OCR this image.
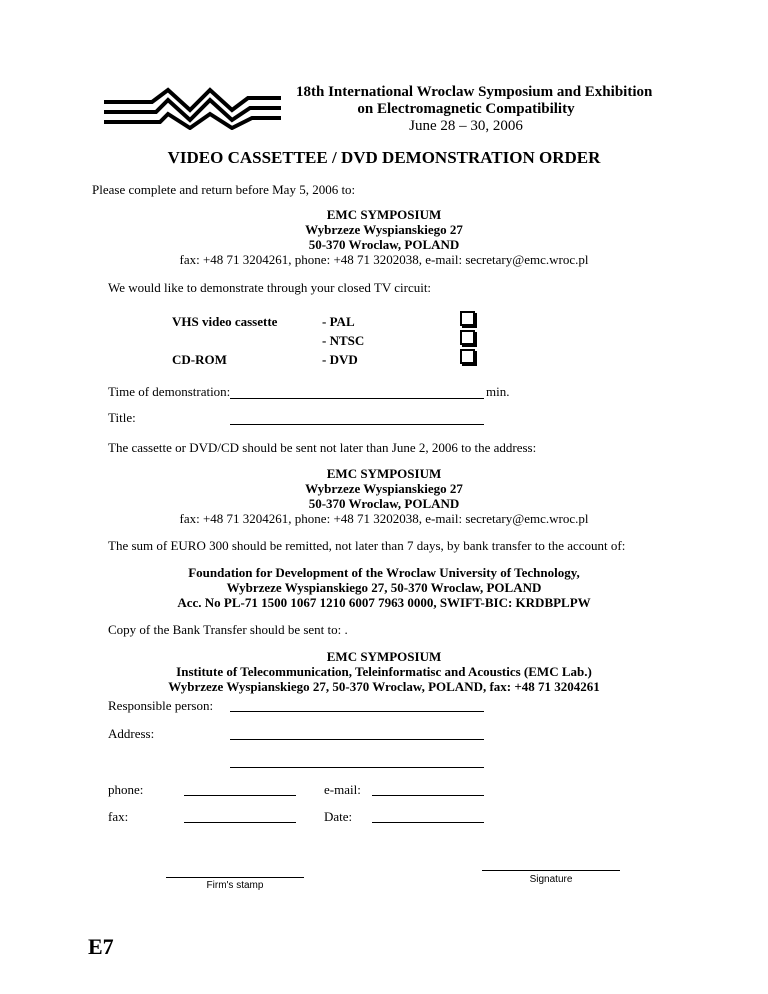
18th International Wroclaw Symposium and Exhibition
on Electromagnetic Compatibility
June 28 – 30, 2006
VIDEO CASSETTEE / DVD DEMONSTRATION ORDER
Please complete and return before May 5, 2006 to:
EMC SYMPOSIUM
Wybrzeze Wyspianskiego 27
50-370 Wroclaw, POLAND
fax: +48 71 3204261, phone: +48 71 3202038, e-mail: secretary@emc.wroc.pl
We would like to demonstrate through your closed TV circuit:
VHS video cassette	- PAL
- NTSC
CD-ROM	- DVD
Time of demonstration:	min.
Title:
The cassette or DVD/CD should be sent not later than June 2, 2006 to the address:
EMC SYMPOSIUM
Wybrzeze Wyspianskiego 27
50-370 Wroclaw, POLAND
fax: +48 71 3204261, phone: +48 71 3202038, e-mail: secretary@emc.wroc.pl
The sum of EURO 300 should be remitted, not later than 7 days, by bank transfer to the account of:
Foundation for Development of the Wroclaw University of Technology,
Wybrzeze Wyspianskiego 27, 50-370 Wroclaw, POLAND
Acc. No PL-71 1500 1067 1210 6007 7963 0000, SWIFT-BIC: KRDBPLPW
Copy of the Bank Transfer should be sent to: .
EMC SYMPOSIUM
Institute of Telecommunication, Teleinformatisc and Acoustics (EMC Lab.)
Wybrzeze Wyspianskiego 27, 50-370 Wroclaw, POLAND, fax: +48 71 3204261
Responsible person:
Address:
phone:	e-mail:
fax:	Date:
Firm's stamp
Signature
E7
